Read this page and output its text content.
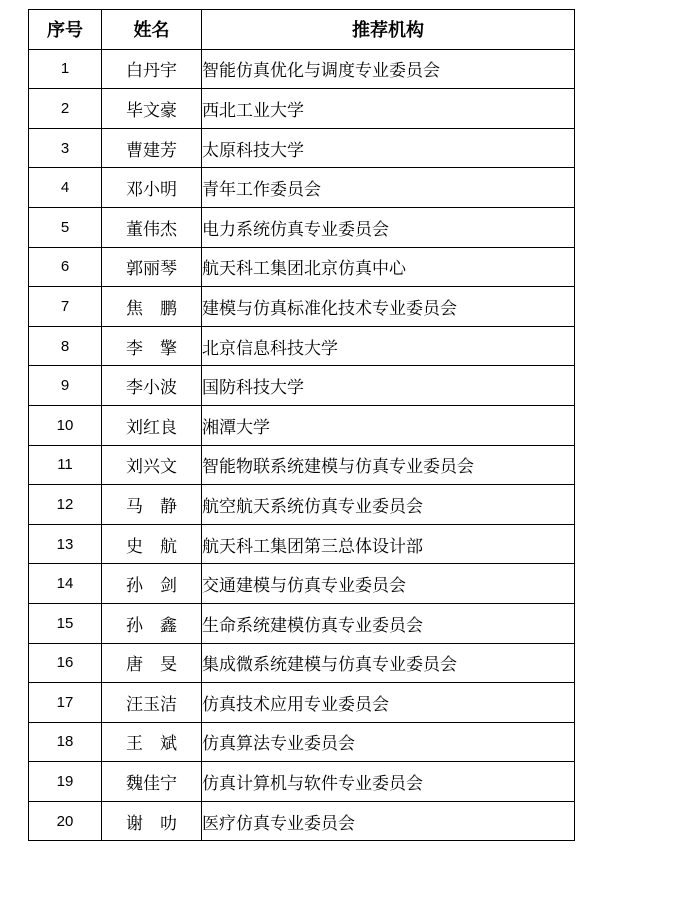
序号	姓名	推荐机构
1	白丹宇	智能仿真优化与调度专业委员会
2	毕文豪	西北工业大学
3	曹建芳	太原科技大学
4	邓小明	青年工作委员会
5	董伟杰	电力系统仿真专业委员会
6	郭丽琴	航天科工集团北京仿真中心
7	焦　鹏	建模与仿真标准化技术专业委员会
8	李　擎	北京信息科技大学
9	李小波	国防科技大学
10	刘红良	湘潭大学
11	刘兴文	智能物联系统建模与仿真专业委员会
12	马　静	航空航天系统仿真专业委员会
13	史　航	航天科工集团第三总体设计部
14	孙　剑	交通建模与仿真专业委员会
15	孙　鑫	生命系统建模仿真专业委员会
16	唐　旻	集成微系统建模与仿真专业委员会
17	汪玉洁	仿真技术应用专业委员会
18	王　斌	仿真算法专业委员会
19	魏佳宁	仿真计算机与软件专业委员会
20	谢　叻	医疗仿真专业委员会
